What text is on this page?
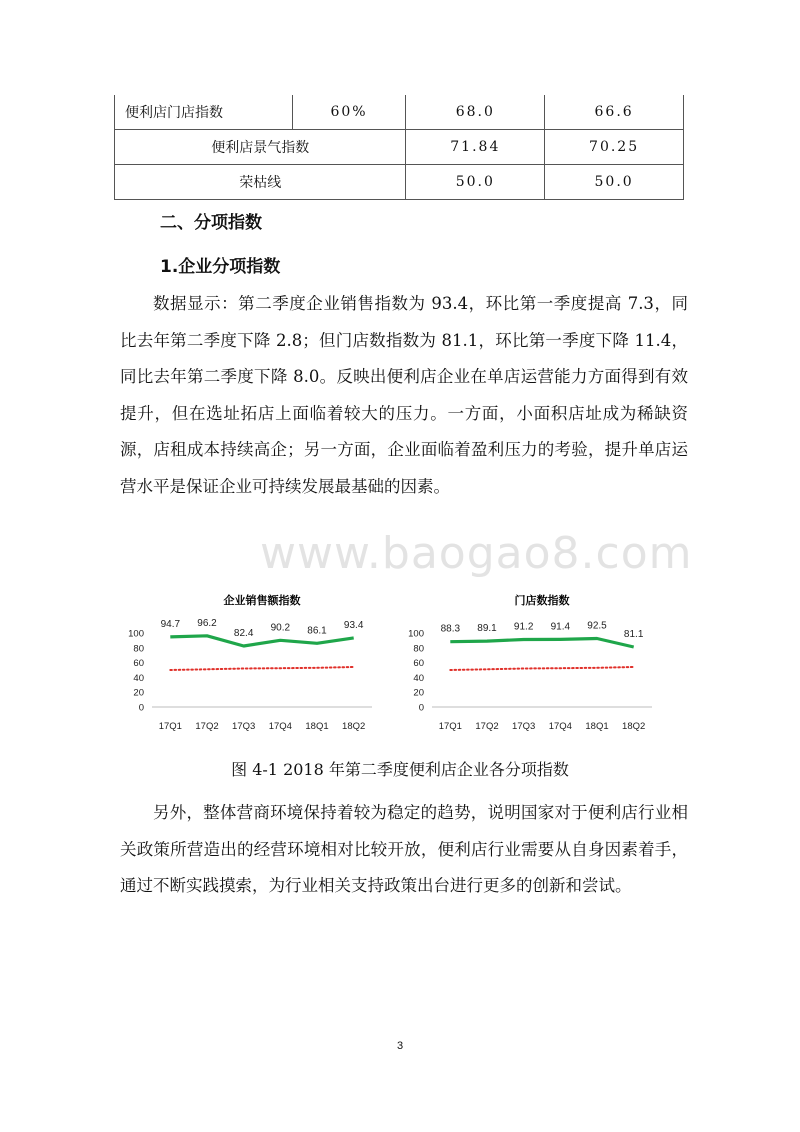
便利店门店指数	60%	68.0	66.6
便利店景气指数		71.84	70.25
荣枯线		50.0	50.0
二、分项指数
1.企业分项指数
数据显示：第二季度企业销售指数为 93.4，环比第一季度提高 7.3，同比去年第二季度下降 2.8；但门店数指数为 81.1，环比第一季度下降 11.4，同比去年第二季度下降 8.0。反映出便利店企业在单店运营能力方面得到有效提升，但在选址拓店上面临着较大的压力。一方面，小面积店址成为稀缺资源，店租成本持续高企；另一方面，企业面临着盈利压力的考验，提升单店运营水平是保证企业可持续发展最基础的因素。
www.baogao8.com
企业销售额指数
0
20
40
60
80
100
17Q1 17Q2 17Q3 17Q4 18Q1 18Q2
94.7 96.2
82.4
90.2 86.1 93.4
门店数指数
0
20
40
60
80
100
17Q1 17Q2 17Q3 17Q4 18Q1 18Q2
88.3 89.1 91.2 91.4 92.5
81.1
图 4-1 2018 年第二季度便利店企业各分项指数
另外，整体营商环境保持着较为稳定的趋势，说明国家对于便利店行业相关政策所营造出的经营环境相对比较开放，便利店行业需要从自身因素着手，通过不断实践摸索，为行业相关支持政策出台进行更多的创新和尝试。
3
